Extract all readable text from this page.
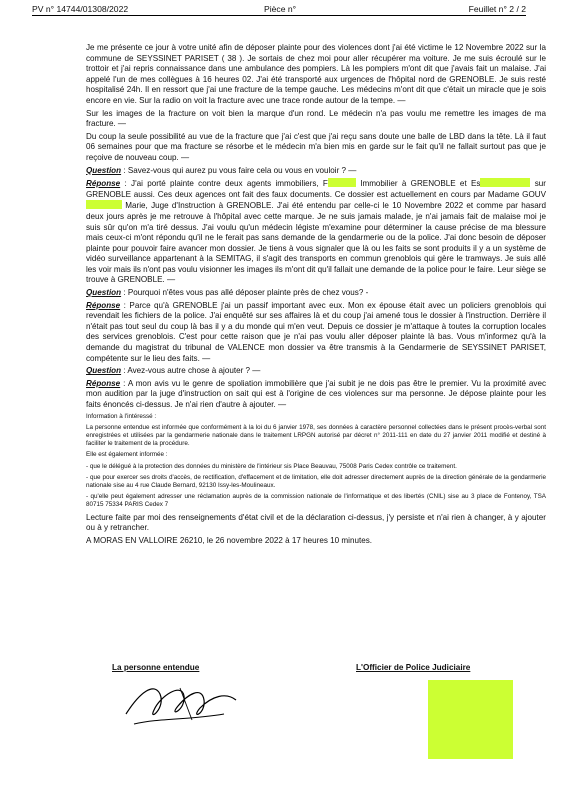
PV n° 14744/01308/2022	Pièce n°	Feuillet n° 2 / 2

Je me présente ce jour à votre unité afin de déposer plainte pour des violences dont j'ai été victime le 12 Novembre 2022 sur la commune de SEYSSINET PARISET ( 38 ). Je sortais de chez moi pour aller récupérer ma voiture. Je me suis écroulé sur le trottoir et j'ai repris connaissance dans une ambulance des pompiers. Là les pompiers m'ont dit que j'avais fait un malaise. J'ai appelé l'un de mes collègues à 16 heures 02. J'ai été transporté aux urgences de l'hôpital nord de GRENOBLE. Je suis resté hospitalisé 24h. Il en ressort que j'ai une fracture de la tempe gauche. Les médecins m'ont dit que c'était un miracle que je sois encore en vie. Sur la radio on voit la fracture avec une trace ronde autour de la tempe. —

Sur les images de la fracture on voit bien la marque d'un rond. Le médecin n'a pas voulu me remettre les images de ma fracture. —

Du coup la seule possibilité au vue de la fracture que j'ai c'est que j'ai reçu sans doute une balle de LBD dans la tête. Là il faut 06 semaines pour que ma fracture se résorbe et le médecin m'a bien mis en garde sur le fait qu'il ne fallait surtout pas que je reçoive de nouveau coup. —

Question : Savez-vous qui aurez pu vous faire cela ou vous en vouloir ? —

Réponse : J'ai porté plainte contre deux agents immobiliers, F	Immobilier à GRENOBLE et Es	sur GRENOBLE aussi. Ces deux agences ont fait des faux documents. Ce dossier est actuellement en cours par Madame GOUV Marie, Juge d'Instruction à GRENOBLE. J'ai été entendu par celle-ci le 10 Novembre 2022 et comme par hasard deux jours après je me retrouve à l'hôpital avec cette marque. Je ne suis jamais malade, je n'ai jamais fait de malaise moi je suis sûr qu'on m'a tiré dessus. J'ai voulu qu'un médecin légiste m'examine pour déterminer la cause précise de ma blessure mais ceux-ci m'ont répondu qu'il ne le ferait pas sans demande de la gendarmerie ou de la police. J'ai donc besoin de déposer plainte pour pouvoir faire avancer mon dossier. Je tiens à vous signaler que là ou les faits se sont produits il y a un système de vidéo surveillance appartenant à la SEMITAG, il s'agit des transports en commun grenoblois qui gère le tramways. Je suis allé les voir mais ils n'ont pas voulu visionner les images ils m'ont dit qu'il fallait une demande de la police pour le faire. Leur siège se trouve à GRENOBLE. —

Question : Pourquoi n'êtes vous pas allé déposer plainte près de chez vous? -

Réponse : Parce qu'à GRENOBLE j'ai un passif important avec eux. Mon ex épouse était avec un policiers grenoblois qui revendait les fichiers de la police. J'ai enquêté sur ses affaires là et du coup j'ai amené tous le dossier à l'instruction. Derrière il n'était pas tout seul du coup là bas il y a du monde qui m'en veut. Depuis ce dossier je m'attaque à toutes la corruption locales des services grenoblois. C'est pour cette raison que je n'ai pas voulu aller déposer plainte là bas. Vous m'informez qu'à la demande du magistrat du tribunal de VALENCE mon dossier va être transmis à la Gendarmerie de SEYSSINET PARISET, compétente sur le lieu des faits. —

Question : Avez-vous autre chose à ajouter ? —

Réponse : A mon avis vu le genre de spoliation immobilière que j'ai subit je ne dois pas être le premier. Vu la proximité avec mon audition par la juge d'instruction on sait qui est à l'origine de ces violences sur ma personne. Je dépose plainte pour les faits énoncés ci-dessus. Je n'ai rien d'autre à ajouter. —

Information à l'intéressé :

La personne entendue est informée que conformément à la loi du 6 janvier 1978, ses données à caractère personnel collectées dans le présent procès-verbal sont enregistrées et utilisées par la gendarmerie nationale dans le traitement LRPGN autorisé par décret n° 2011-111 en date du 27 janvier 2011 modifié et destiné à faciliter le traitement de la procédure.

Elle est également informée :

- que le délégué à la protection des données du ministère de l'intérieur sis Place Beauvau, 75008 Paris Cedex contrôle ce traitement.

- que pour exercer ses droits d'accès, de rectification, d'effacement et de limitation, elle doit adresser directement auprès de la direction générale de la gendarmerie nationale sise au 4 rue Claude Bernard, 92130 Issy-les-Moulineaux.

- qu'elle peut également adresser une réclamation auprès de la commission nationale de l'informatique et des libertés (CNIL) sise au 3 place de Fontenoy, TSA 80715 75334 PARIS Cedex 7

Lecture faite par moi des renseignements d'état civil et de la déclaration ci-dessus, j'y persiste et n'ai rien à changer, à y ajouter ou à y retrancher.

A MORAS EN VALLOIRE 26210, le 26 novembre 2022 à 17 heures 10 minutes.

La personne entendue	L'Officier de Police Judiciaire
